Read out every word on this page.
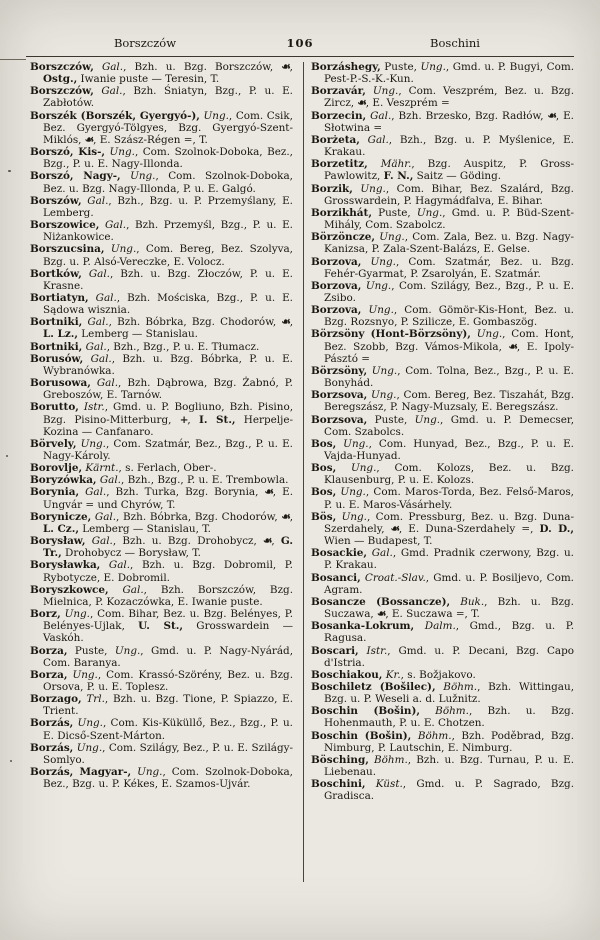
Borszczów	106	Boschini

Borszczów, Gal., Bzh. u. Bzg. Borszczów, ☙, Ostg., Iwanie puste — Teresin, T.

Borszczów, Gal., Bzh. Śniatyn, Bzg., P. u. E. Zabłotów.

Borszék (Borszék, Gyergyó-), Ung., Com. Csik, Bez. Gyergyó-Tölgyes, Bzg. Gyergyó-Szent-Miklós, ☙, E. Szász-Régen =, T.

Borszó, Kis-, Ung., Com. Szolnok-Doboka, Bez., Bzg., P. u. E. Nagy-Illonda.

Borszó, Nagy-, Ung., Com. Szolnok-Doboka, Bez. u. Bzg. Nagy-Illonda, P. u. E. Galgó.

Borszów, Gal., Bzh., Bzg. u. P. Przemyślany, E. Lemberg.

Borszowice, Gal., Bzh. Przemyśl, Bzg., P. u. E. Niżankowice.

Borszucsina, Ung., Com. Bereg, Bez. Szolyva, Bzg. u. P. Alsó-Vereczke, E. Volocz.

Bortków, Gal., Bzh. u. Bzg. Złoczów, P. u. E. Krasne.

Bortiatyn, Gal., Bzh. Mościska, Bzg., P. u. E. Sądowa wisznia.

Bortniki, Gal., Bzh. Bóbrka, Bzg. Chodorów, ☙, L. Lz., Lemberg — Stanislau.

Bortniki, Gal., Bzh., Bzg., P. u. E. Tłumacz.

Borusów, Gal., Bzh. u. Bzg. Bóbrka, P. u. E. Wybranówka.

Borusowa, Gal., Bzh. Dąbrowa, Bzg. Żabnó, P. Greboszów, E. Tarnów.

Borutto, Istr., Gmd. u. P. Bogliuno, Bzh. Pisino, Bzg. Pisino-Mitterburg, +, I. St., Herpelje-Kozina — Canfanaro.

Börvely, Ung., Com. Szatmár, Bez., Bzg., P. u. E. Nagy-Károly.

Borovlje, Kärnt., s. Ferlach, Ober-.

Boryzówka, Gal., Bzh., Bzg., P. u. E. Trembowla.

Borynia, Gal., Bzh. Turka, Bzg. Borynia, ☙, E. Ungvár = und Chyrów, T.

Borynicze, Gal., Bzh. Bóbrka, Bzg. Chodorów, ☙, L. Cz., Lemberg — Stanislau, T.

Borysław, Gal., Bzh. u. Bzg. Drohobycz, ☙, G. Tr., Drohobycz — Borysław, T.

Borysławka, Gal., Bzh. u. Bzg. Dobromil, P. Rybotycze, E. Dobromil.

Boryszkowce, Gal., Bzh. Borszczów, Bzg. Mielnica, P. Kozaczówka, E. Iwanie puste.

Borz, Ung., Com. Bihar, Bez. u. Bzg. Belényes, P. Belényes-Ujlak, U. St., Grosswardein — Vaskóh.

Borza, Puste, Ung., Gmd. u. P. Nagy-Nyárád, Com. Baranya.

Borza, Ung., Com. Krassó-Szörény, Bez. u. Bzg. Orsova, P. u. E. Toplesz.

Borzago, Trl., Bzh. u. Bzg. Tione, P. Spiazzo, E. Trient.

Borzás, Ung., Com. Kis-Küküllő, Bez., Bzg., P. u. E. Dicső-Szent-Márton.

Borzás, Ung., Com. Szilágy, Bez., P. u. E. Szilágy-Somlyo.

Borzás, Magyar-, Ung., Com. Szolnok-Doboka, Bez., Bzg. u. P. Kékes, E. Szamos-Ujvár.

Borzáshegy, Puste, Ung., Gmd. u. P. Bugyi, Com. Pest-P.-S.-K.-Kun.

Borzavár, Ung., Com. Veszprém, Bez. u. Bzg. Zircz, ☙, E. Veszprém =

Borzecin, Gal., Bzh. Brzesko, Bzg. Radłów, ☙, E. Słotwina =

Borżeta, Gal., Bzh., Bzg. u. P. Myślenice, E. Krakau.

Borzetitz, Mähr., Bzg. Auspitz, P. Gross-Pawlowitz, F. N., Saitz — Göding.

Borzik, Ung., Com. Bihar, Bez. Szalárd, Bzg. Grosswardein, P. Hagymádfalva, E. Bihar.

Borzikhát, Puste, Ung., Gmd. u. P. Büd-Szent-Mihály, Com. Szabolcz.

Börzöncze, Ung., Com. Zala, Bez. u. Bzg. Nagy-Kanizsa, P. Zala-Szent-Balázs, E. Gelse.

Borzova, Ung., Com. Szatmár, Bez. u. Bzg. Fehér-Gyarmat, P. Zsarolyán, E. Szatmár.

Borzova, Ung., Com. Szilágy, Bez., Bzg., P. u. E. Zsibo.

Borzova, Ung., Com. Gömör-Kis-Hont, Bez. u. Bzg. Rozsnyo, P. Szilicze, E. Gombaszög.

Börzsöny (Hont-Börzsöny), Ung., Com. Hont, Bez. Szobb, Bzg. Vámos-Mikola, ☙, E. Ipoly-Pásztó =

Börzsöny, Ung., Com. Tolna, Bez., Bzg., P. u. E. Bonyhád.

Borzsova, Ung., Com. Bereg, Bez. Tiszahát, Bzg. Beregszász, P. Nagy-Muzsaly, E. Beregszász.

Borzsova, Puste, Ung., Gmd. u. P. Demecser, Com. Szabolcs.

Bos, Ung., Com. Hunyad, Bez., Bzg., P. u. E. Vajda-Hunyad.

Bos, Ung., Com. Kolozs, Bez. u. Bzg. Klausenburg, P. u. E. Kolozs.

Bos, Ung., Com. Maros-Torda, Bez. Felső-Maros, P. u. E. Maros-Vásárhely.

Bös, Ung., Com. Pressburg, Bez. u. Bzg. Duna-Szerdahely, ☙, E. Duna-Szerdahely =, D. D., Wien — Budapest, T.

Bosackie, Gal., Gmd. Pradnik czerwony, Bzg. u. P. Krakau.

Bosanci, Croat.-Slav., Gmd. u. P. Bosiljevo, Com. Agram.

Bosancze (Bossancze), Buk., Bzh. u. Bzg. Suczawa, ☙, E. Suczawa =, T.

Bosanka-Lokrum, Dalm., Gmd., Bzg. u. P. Ragusa.

Boscari, Istr., Gmd. u. P. Decani, Bzg. Capo d'Istria.

Boschiakou, Kr., s. Božjakovo.

Boschiletz (Bošilec), Böhm., Bzh. Wittingau, Bzg. u. P. Weseli a. d. Lužnitz.

Boschin (Bošin), Böhm., Bzh. u. Bzg. Hohenmauth, P. u. E. Chotzen.

Boschin (Bošin), Böhm., Bzh. Poděbrad, Bzg. Nimburg, P. Lautschin, E. Nimburg.

Bösching, Böhm., Bzh. u. Bzg. Turnau, P. u. E. Liebenau.

Boschini, Küst., Gmd. u. P. Sagrado, Bzg. Gradisca.
